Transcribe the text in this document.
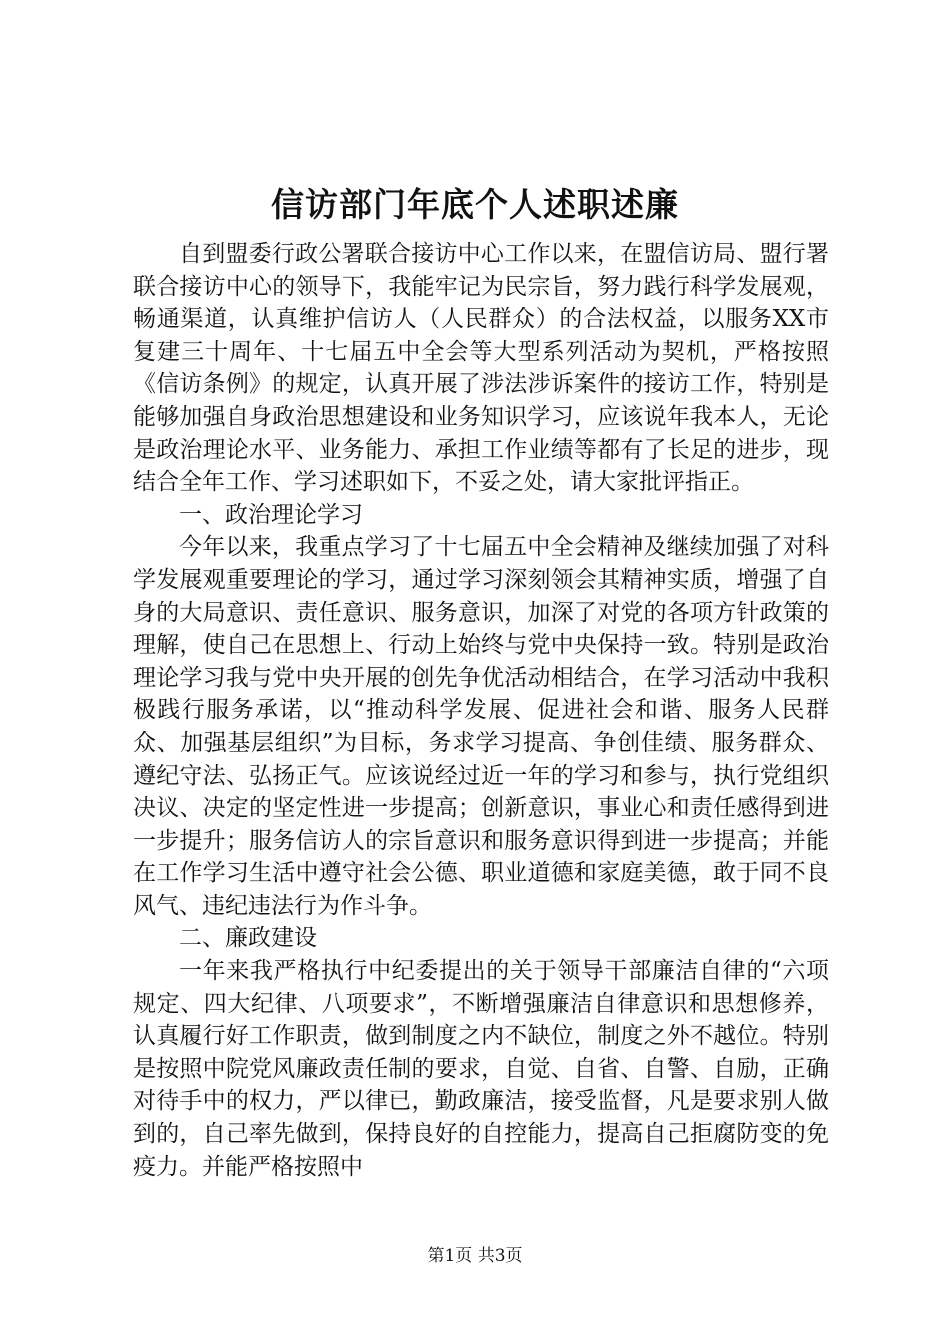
信访部门年底个人述职述廉

自到盟委行政公署联合接访中心工作以来，在盟信访局、盟行署联合接访中心的领导下，我能牢记为民宗旨，努力践行科学发展观，畅通渠道，认真维护信访人（人民群众）的合法权益，以服务XX市复建三十周年、十七届五中全会等大型系列活动为契机，严格按照《信访条例》的规定，认真开展了涉法涉诉案件的接访工作，特别是能够加强自身政治思想建设和业务知识学习，应该说年我本人，无论是政治理论水平、业务能力、承担工作业绩等都有了长足的进步，现结合全年工作、学习述职如下，不妥之处，请大家批评指正。

一、政治理论学习

今年以来，我重点学习了十七届五中全会精神及继续加强了对科学发展观重要理论的学习，通过学习深刻领会其精神实质，增强了自身的大局意识、责任意识、服务意识，加深了对党的各项方针政策的理解，使自己在思想上、行动上始终与党中央保持一致。特别是政治理论学习我与党中央开展的创先争优活动相结合，在学习活动中我积极践行服务承诺，以“推动科学发展、促进社会和谐、服务人民群众、加强基层组织”为目标，务求学习提高、争创佳绩、服务群众、遵纪守法、弘扬正气。应该说经过近一年的学习和参与，执行党组织决议、决定的坚定性进一步提高；创新意识，事业心和责任感得到进一步提升；服务信访人的宗旨意识和服务意识得到进一步提高；并能在工作学习生活中遵守社会公德、职业道德和家庭美德，敢于同不良风气、违纪违法行为作斗争。

二、廉政建设

一年来我严格执行中纪委提出的关于领导干部廉洁自律的“六项规定、四大纪律、八项要求”，不断增强廉洁自律意识和思想修养，认真履行好工作职责，做到制度之内不缺位，制度之外不越位。特别是按照中院党风廉政责任制的要求，自觉、自省、自警、自励，正确对待手中的权力，严以律已，勤政廉洁，接受监督，凡是要求别人做到的，自己率先做到，保持良好的自控能力，提高自己拒腐防变的免疫力。并能严格按照中

第1页 共3页
